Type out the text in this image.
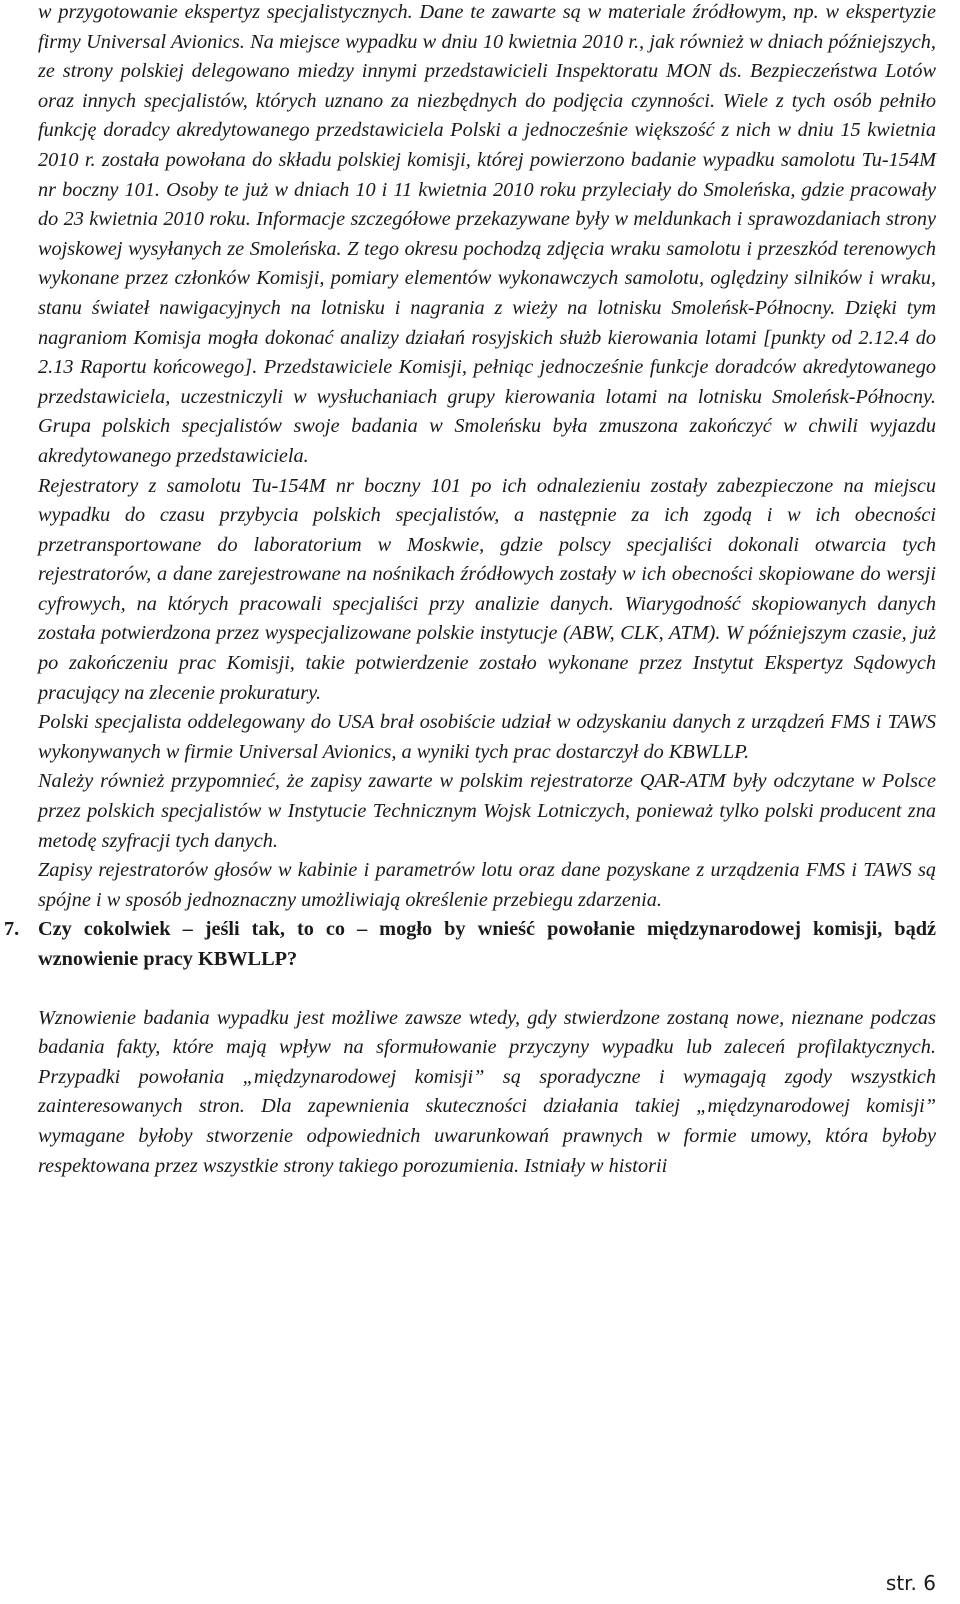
w przygotowanie ekspertyz specjalistycznych. Dane te zawarte są w materiale źródłowym, np. w ekspertyzie firmy Universal Avionics. Na miejsce wypadku w dniu 10 kwietnia 2010 r., jak również w dniach późniejszych, ze strony polskiej delegowano miedzy innymi przedstawicieli Inspektoratu MON ds. Bezpieczeństwa Lotów oraz innych specjalistów, których uznano za niezbędnych do podjęcia czynności. Wiele z tych osób pełniło funkcję doradcy akredytowanego przedstawiciela Polski a jednocześnie większość z nich w dniu 15 kwietnia 2010 r. została powołana do składu polskiej komisji, której powierzono badanie wypadku samolotu Tu-154M nr boczny 101. Osoby te już w dniach 10 i 11 kwietnia 2010 roku przyleciały do Smoleńska, gdzie pracowały do 23 kwietnia 2010 roku. Informacje szczegółowe przekazywane były w meldunkach i sprawozdaniach strony wojskowej wysyłanych ze Smoleńska. Z tego okresu pochodzą zdjęcia wraku samolotu i przeszkód terenowych wykonane przez członków Komisji, pomiary elementów wykonawczych samolotu, oględziny silników i wraku, stanu świateł nawigacyjnych na lotnisku i nagrania z wieży na lotnisku Smoleńsk-Północny. Dzięki tym nagraniom Komisja mogła dokonać analizy działań rosyjskich służb kierowania lotami [punkty od 2.12.4 do 2.13 Raportu końcowego]. Przedstawiciele Komisji, pełniąc jednocześnie funkcje doradców akredytowanego przedstawiciela, uczestniczyli w wysłuchaniach grupy kierowania lotami na lotnisku Smoleńsk-Północny. Grupa polskich specjalistów swoje badania w Smoleńsku była zmuszona zakończyć w chwili wyjazdu akredytowanego przedstawiciela.

Rejestratory z samolotu Tu-154M nr boczny 101 po ich odnalezieniu zostały zabezpieczone na miejscu wypadku do czasu przybycia polskich specjalistów, a następnie za ich zgodą i w ich obecności przetransportowane do laboratorium w Moskwie, gdzie polscy specjaliści dokonali otwarcia tych rejestratorów, a dane zarejestrowane na nośnikach źródłowych zostały w ich obecności skopiowane do wersji cyfrowych, na których pracowali specjaliści przy analizie danych. Wiarygodność skopiowanych danych została potwierdzona przez wyspecjalizowane polskie instytucje (ABW, CLK, ATM). W późniejszym czasie, już po zakończeniu prac Komisji, takie potwierdzenie zostało wykonane przez Instytut Ekspertyz Sądowych pracujący na zlecenie prokuratury.

Polski specjalista oddelegowany do USA brał osobiście udział w odzyskaniu danych z urządzeń FMS i TAWS wykonywanych w firmie Universal Avionics, a wyniki tych prac dostarczył do KBWLLP.

Należy również przypomnieć, że zapisy zawarte w polskim rejestratorze QAR-ATM były odczytane w Polsce przez polskich specjalistów w Instytucie Technicznym Wojsk Lotniczych, ponieważ tylko polski producent zna metodę szyfracji tych danych.

Zapisy rejestratorów głosów w kabinie i parametrów lotu oraz dane pozyskane z urządzenia FMS i TAWS są spójne i w sposób jednoznaczny umożliwiają określenie przebiegu zdarzenia.

7. Czy cokolwiek – jeśli tak, to co – mogło by wnieść powołanie międzynarodowej komisji, bądź wznowienie pracy KBWLLP?

Wznowienie badania wypadku jest możliwe zawsze wtedy, gdy stwierdzone zostaną nowe, nieznane podczas badania fakty, które mają wpływ na sformułowanie przyczyny wypadku lub zaleceń profilaktycznych. Przypadki powołania „międzynarodowej komisji” są sporadyczne i wymagają zgody wszystkich zainteresowanych stron. Dla zapewnienia skuteczności działania takiej „międzynarodowej komisji” wymagane byłoby stworzenie odpowiednich uwarunkowań prawnych w formie umowy, która byłoby respektowana przez wszystkie strony takiego porozumienia. Istniały w historii

str. 6
